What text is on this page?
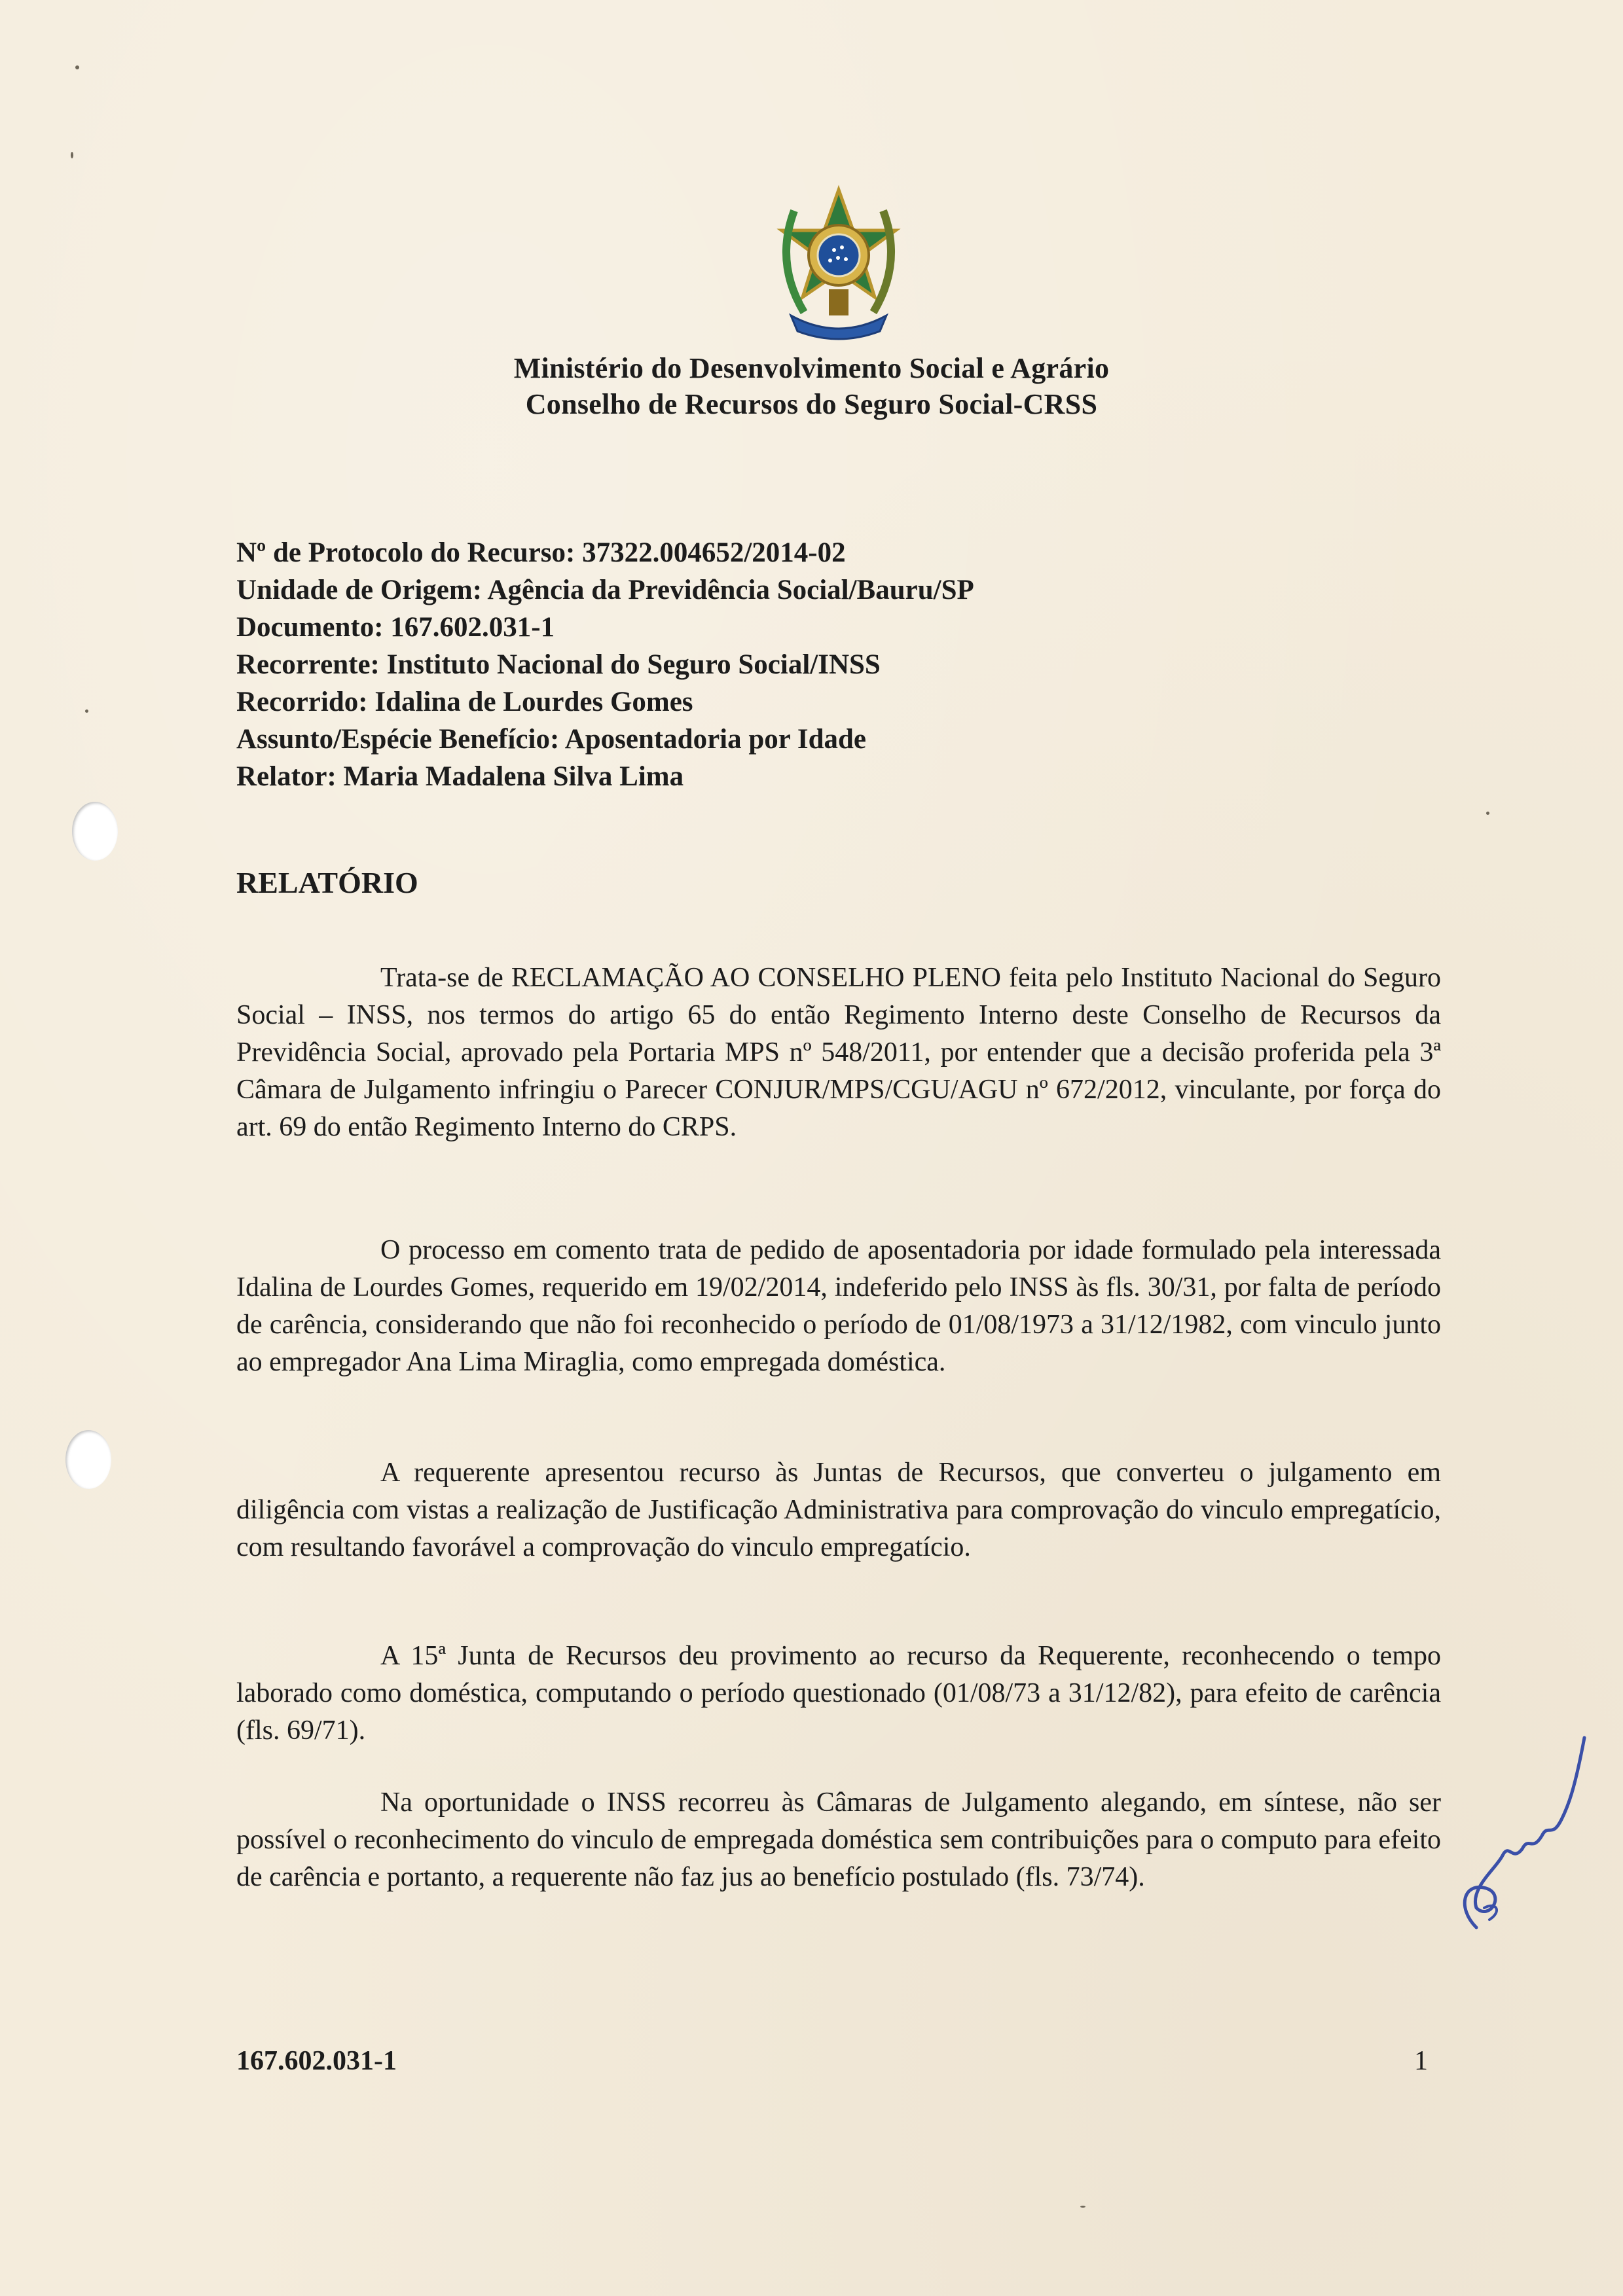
Ministério do Desenvolvimento Social e Agrário
Conselho de Recursos do Seguro Social-CRSS
Nº de Protocolo do Recurso: 37322.004652/2014-02
Unidade de Origem: Agência da Previdência Social/Bauru/SP
Documento: 167.602.031-1
Recorrente: Instituto Nacional do Seguro Social/INSS
Recorrido: Idalina de Lourdes Gomes
Assunto/Espécie Benefício: Aposentadoria por Idade
Relator: Maria Madalena Silva Lima
RELATÓRIO

Trata-se de RECLAMAÇÃO AO CONSELHO PLENO feita pelo Instituto Nacional do Seguro Social – INSS, nos termos do artigo 65 do então Regimento Interno deste Conselho de Recursos da Previdência Social, aprovado pela Portaria MPS nº 548/2011, por entender que a decisão proferida pela 3ª Câmara de Julgamento infringiu o Parecer CONJUR/MPS/CGU/AGU nº 672/2012, vinculante, por força do art. 69 do então Regimento Interno do CRPS.

O processo em comento trata de pedido de aposentadoria por idade formulado pela interessada Idalina de Lourdes Gomes, requerido em 19/02/2014, indeferido pelo INSS às fls. 30/31, por falta de período de carência, considerando que não foi reconhecido o período de 01/08/1973 a 31/12/1982, com vinculo junto ao empregador Ana Lima Miraglia, como empregada doméstica.

A requerente apresentou recurso às Juntas de Recursos, que converteu o julgamento em diligência com vistas a realização de Justificação Administrativa para comprovação do vinculo empregatício, com resultando favorável a comprovação do vinculo empregatício.

A 15ª Junta de Recursos deu provimento ao recurso da Requerente, reconhecendo o tempo laborado como doméstica, computando o período questionado (01/08/73 a 31/12/82), para efeito de carência (fls. 69/71).

Na oportunidade o INSS recorreu às Câmaras de Julgamento alegando, em síntese, não ser possível o reconhecimento do vinculo de empregada doméstica sem contribuições para o computo para efeito de carência e portanto, a requerente não faz jus ao benefício postulado (fls. 73/74).

167.602.031-1	1
